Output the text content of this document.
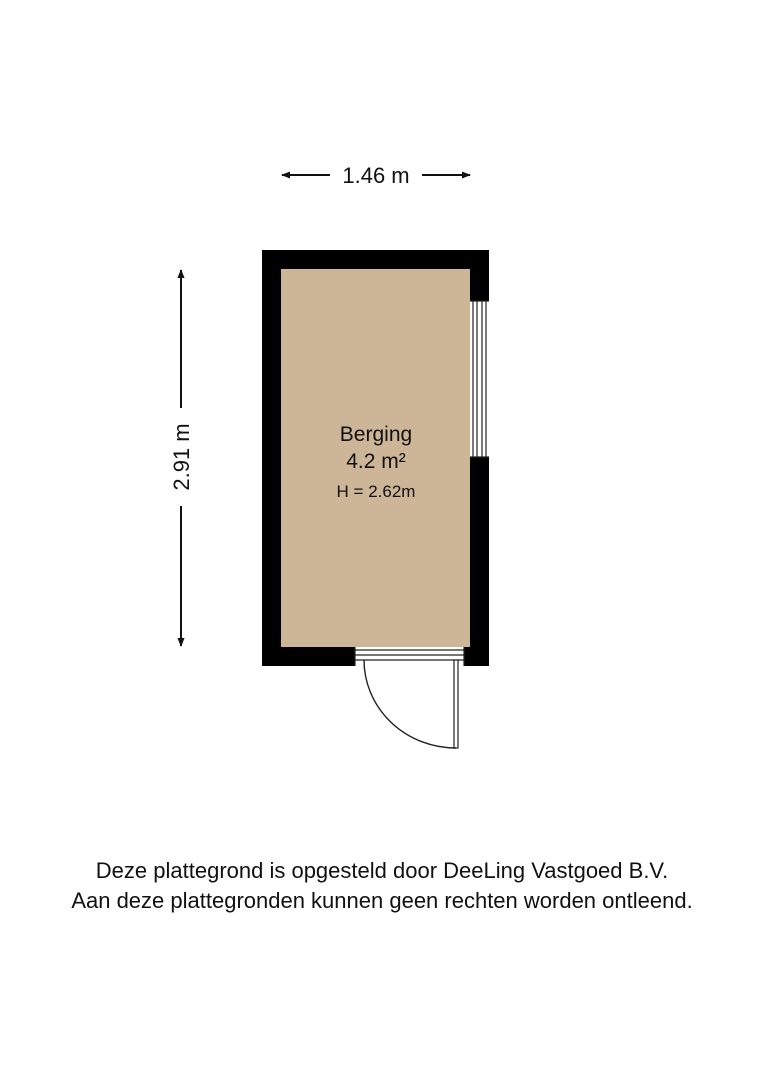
1.46 m
2.91 m	Berging
4.2 m²
H = 2.62m
Deze plattegrond is opgesteld door DeeLing Vastgoed B.V.
Aan deze plattegronden kunnen geen rechten worden ontleend.
